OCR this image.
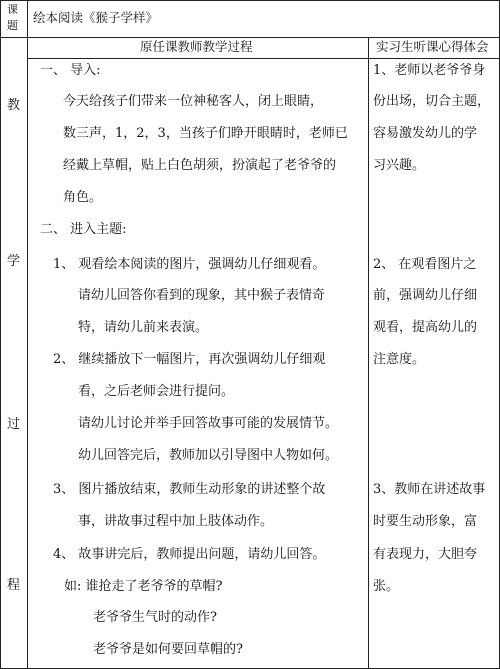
课
题
绘本阅读《猴子学样》
原任课教师教学过程	实习生听课心得体会
教
学
过
程
一、 导入:
今天给孩子们带来一位神秘客人，闭上眼睛，
数三声，1，2，3，当孩子们睁开眼睛时，老师已
经戴上草帽，贴上白色胡须，扮演起了老爷爷的
角色。
二、 进入主题:
1、 观看绘本阅读的图片，强调幼儿仔细观看。
请幼儿回答你看到的现象，其中猴子表情奇
特，请幼儿前来表演。
2、 继续播放下一幅图片，再次强调幼儿仔细观
看，之后老师会进行提问。
请幼儿讨论并举手回答故事可能的发展情节。
幼儿回答完后，教师加以引导图中人物如何。
3、 图片播放结束，教师生动形象的讲述整个故
事，讲故事过程中加上肢体动作。
4、 故事讲完后，教师提出问题，请幼儿回答。
如: 谁抢走了老爷爷的草帽?
老爷爷生气时的动作?
老爷爷是如何要回草帽的?
1、老师以老爷爷身
份出场，切合主题，
容易激发幼儿的学
习兴趣。
2、 在观看图片之
前，强调幼儿仔细
观看，提高幼儿的
注意度。
3、教师在讲述故事
时要生动形象，富
有表现力，大胆夸
张。
